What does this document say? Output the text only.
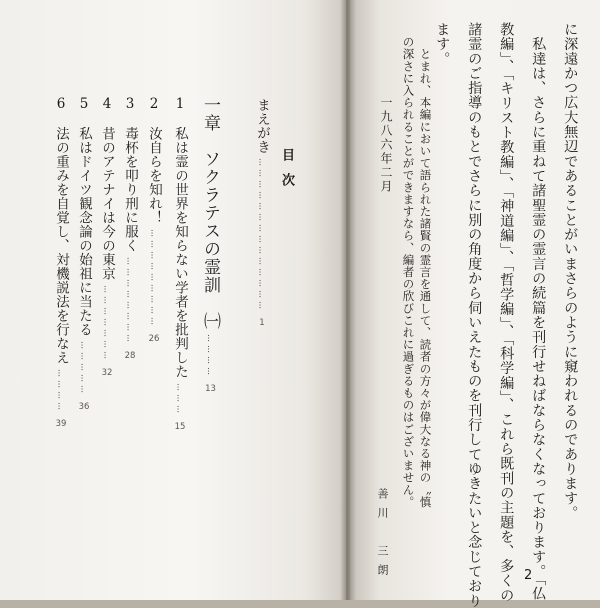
目次
まえがき
……………………………………
1
一章　ソクラテスの霊訓　㈠
…………
13
1　私は霊の世界を知らない学者を批判した
………
15
2　汝自らを知れ！
………………………
26
3　毒杯を叩り刑に服く
……………………
28
4　昔のアテナイは今の東京
…………………
32
5　私はドイツ観念論の始祖に当たる
……………
36
6　法の重みを自覚し、対機説法を行なえ
…………
39	に深遠かつ広大無辺であることがいまさらのように窺われるのであります。
　私達は、さらに重ねて諸聖霊の霊言の続篇を刊行せねばならなくなっております。「仏
教編」、「キリスト教編」、「神道編」、「哲学編」、「科学編」、これら既刊の主題を、多くの
諸霊のご指導のもとでさらに別の角度から伺いえたものを刊行してゆきたいと念じており
ます。
　とまれ、本編において語られた諸賢の霊言を通して、読者の方々が偉大なる神の〝慎
の深さに入られることができますなら、編者の欣びこれに過ぎるものはございません。
一九八六年二月
善川　三朗	2
